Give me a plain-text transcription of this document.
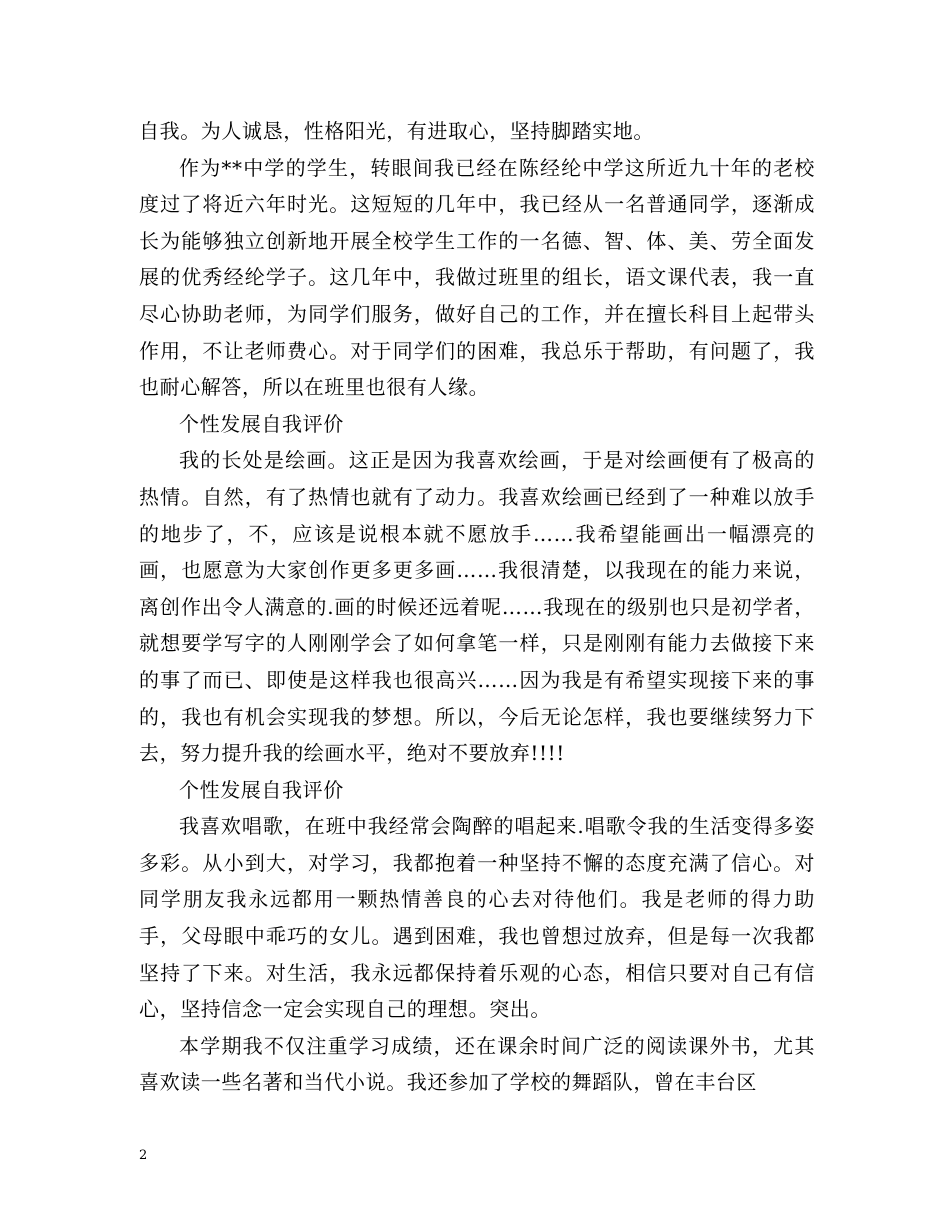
自我。为人诚恳，性格阳光，有进取心，坚持脚踏实地。

作为**中学的学生，转眼间我已经在陈经纶中学这所近九十年的老校度过了将近六年时光。这短短的几年中，我已经从一名普通同学，逐渐成长为能够独立创新地开展全校学生工作的一名德、智、体、美、劳全面发展的优秀经纶学子。这几年中，我做过班里的组长，语文课代表，我一直尽心协助老师，为同学们服务，做好自己的工作，并在擅长科目上起带头作用，不让老师费心。对于同学们的困难，我总乐于帮助，有问题了，我也耐心解答，所以在班里也很有人缘。

个性发展自我评价

我的长处是绘画。这正是因为我喜欢绘画，于是对绘画便有了极高的热情。自然，有了热情也就有了动力。我喜欢绘画已经到了一种难以放手的地步了，不，应该是说根本就不愿放手……我希望能画出一幅漂亮的画，也愿意为大家创作更多更多画……我很清楚，以我现在的能力来说，离创作出令人满意的.画的时候还远着呢……我现在的级别也只是初学者，就想要学写字的人刚刚学会了如何拿笔一样，只是刚刚有能力去做接下来的事了而已、即使是这样我也很高兴……因为我是有希望实现接下来的事的，我也有机会实现我的梦想。所以，今后无论怎样，我也要继续努力下去，努力提升我的绘画水平，绝对不要放弃!!!!

个性发展自我评价

我喜欢唱歌，在班中我经常会陶醉的唱起来.唱歌令我的生活变得多姿多彩。从小到大，对学习，我都抱着一种坚持不懈的态度充满了信心。对同学朋友我永远都用一颗热情善良的心去对待他们。我是老师的得力助手，父母眼中乖巧的女儿。遇到困难，我也曾想过放弃，但是每一次我都坚持了下来。对生活，我永远都保持着乐观的心态，相信只要对自己有信心，坚持信念一定会实现自己的理想。突出。

本学期我不仅注重学习成绩，还在课余时间广泛的阅读课外书，尤其喜欢读一些名著和当代小说。我还参加了学校的舞蹈队，曾在丰台区

2
